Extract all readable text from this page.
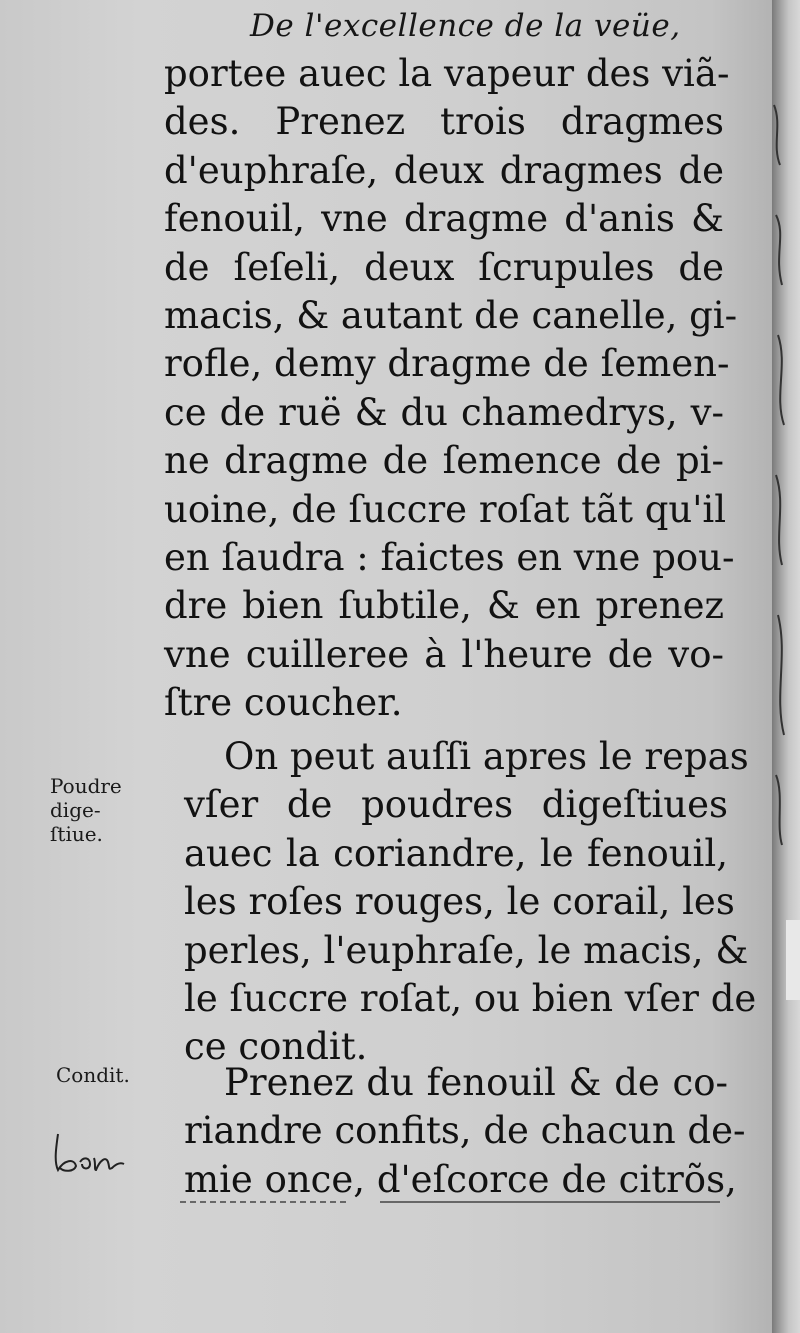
De l'excellence de la veüe,
portee auec la vapeur des viã-
des. Prenez trois dragmes
d'euphraſe, deux dragmes de
fenouil, vne dragme d'anis &
de ſeſeli, deux ſcrupules de
macis, & autant de canelle, gi-
rofle, demy dragme de ſemen-
ce de ruë & du chamedrys, v-
ne dragme de ſemence de pi-
uoine, de ſuccre roſat tãt qu'il
en ſaudra : faictes en vne pou-
dre bien ſubtile, & en prenez
vne cuilleree à l'heure de vo-
ſtre coucher.
On peut auſſi apres le repas
vſer de poudres digeſtiues
auec la coriandre, le fenouil,
les roſes rouges, le corail, les
perles, l'euphraſe, le macis, &
le ſuccre roſat, ou bien vſer de
ce condit.
Prenez du fenouil & de co-
riandre confits, de chacun de-
mie once, d'eſcorce de citrõs,
Poudre
dige-
ſtiue.
Condit.
